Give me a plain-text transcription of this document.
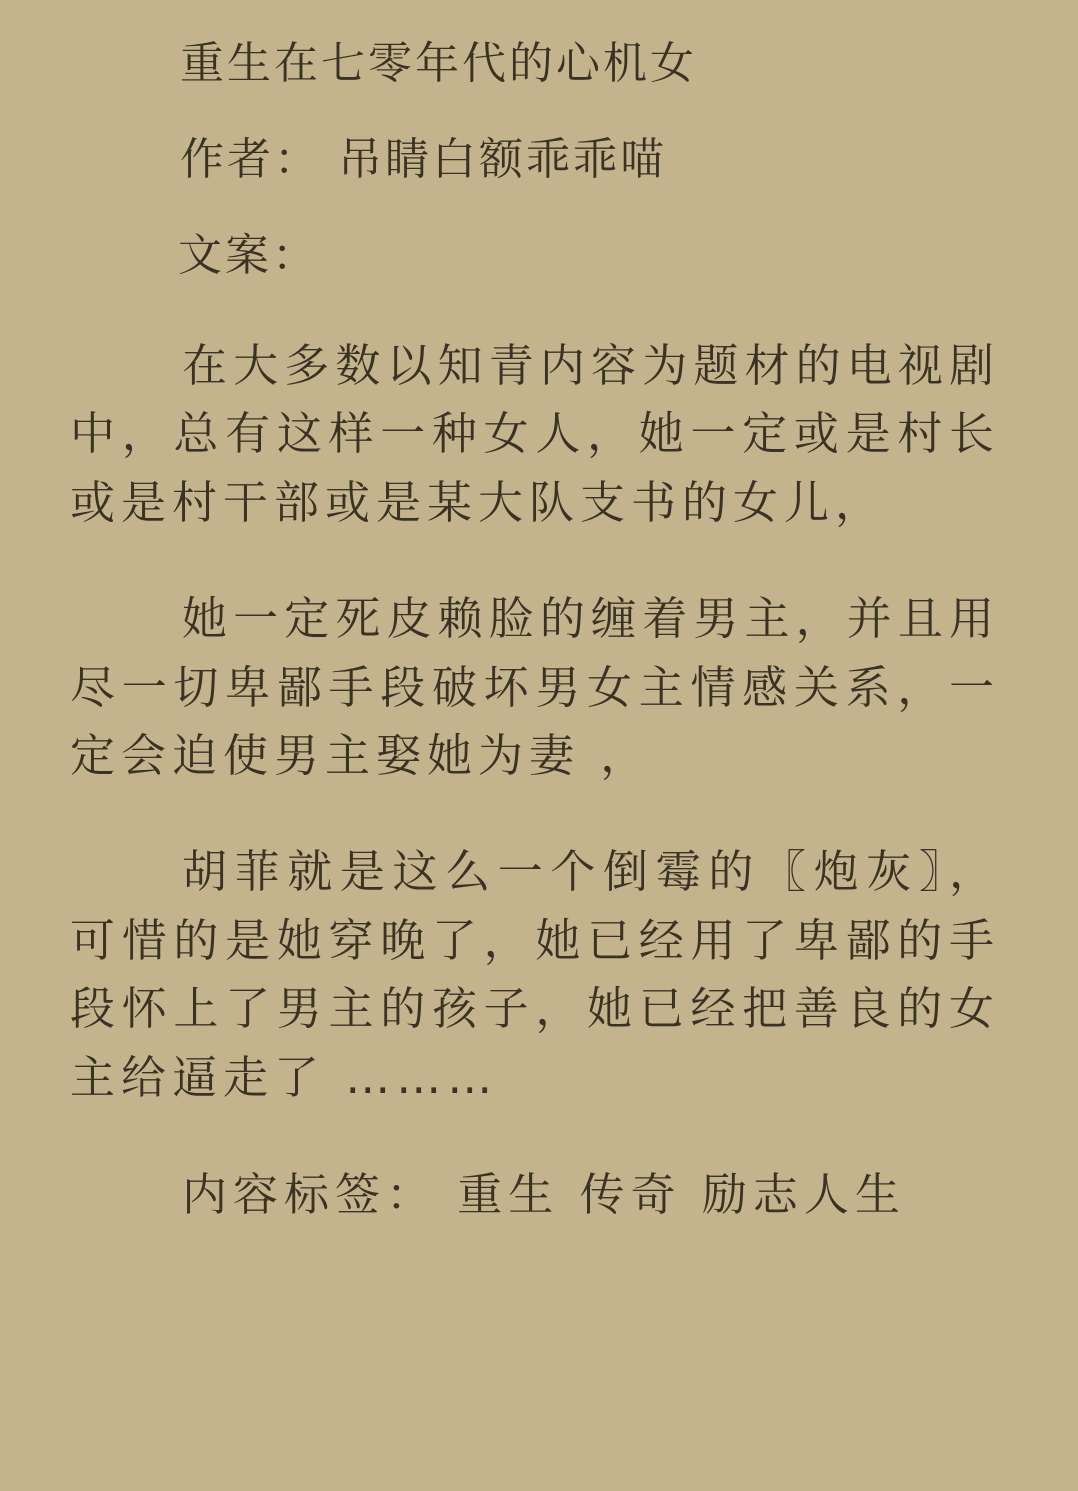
重生在七零年代的心机女
作者： 吊睛白额乖乖喵
文案：
在大多数以知青内容为题材的电视剧中，总有这样一种女人，她一定或是村长或是村干部或是某大队支书的女儿，
她一定死皮赖脸的缠着男主，并且用尽一切卑鄙手段破坏男女主情感关系，一定会迫使男主娶她为妻 ，
胡菲就是这么一个倒霉的〖炮灰〗，可惜的是她穿晚了，她已经用了卑鄙的手段怀上了男主的孩子，她已经把善良的女主给逼走了 ………
内容标签： 重生 传奇 励志人生
